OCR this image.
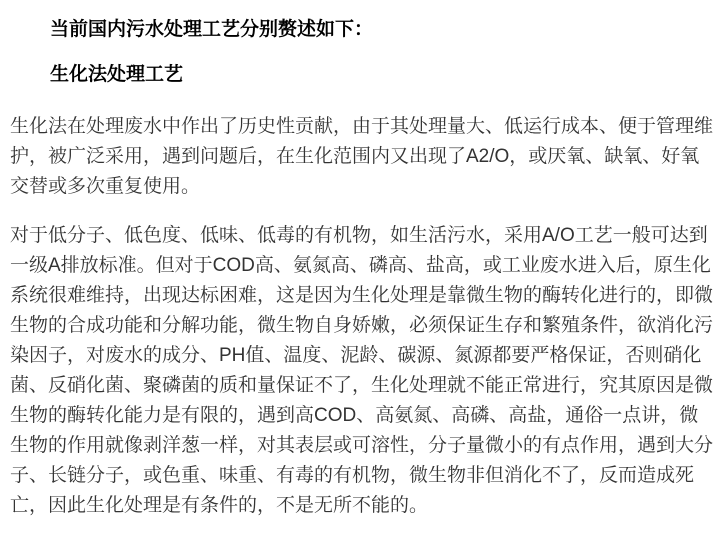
当前国内污水处理工艺分别赘述如下：
生化法处理工艺

生化法在处理废水中作出了历史性贡献，由于其处理量大、低运行成本、便于管理维护，被广泛采用，遇到问题后，在生化范围内又出现了A2/O，或厌氧、缺氧、好氧交替或多次重复使用。

对于低分子、低色度、低味、低毒的有机物，如生活污水，采用A/O工艺一般可达到一级A排放标准。但对于COD高、氨氮高、磷高、盐高，或工业废水进入后，原生化系统很难维持，出现达标困难，这是因为生化处理是靠微生物的酶转化进行的，即微生物的合成功能和分解功能，微生物自身娇嫩，必须保证生存和繁殖条件，欲消化污染因子，对废水的成分、PH值、温度、泥龄、碳源、氮源都要严格保证，否则硝化菌、反硝化菌、聚磷菌的质和量保证不了，生化处理就不能正常进行，究其原因是微生物的酶转化能力是有限的，遇到高COD、高氨氮、高磷、高盐，通俗一点讲，微生物的作用就像剥洋葱一样，对其表层或可溶性，分子量微小的有点作用，遇到大分子、长链分子，或色重、味重、有毒的有机物，微生物非但消化不了，反而造成死亡，因此生化处理是有条件的，不是无所不能的。
